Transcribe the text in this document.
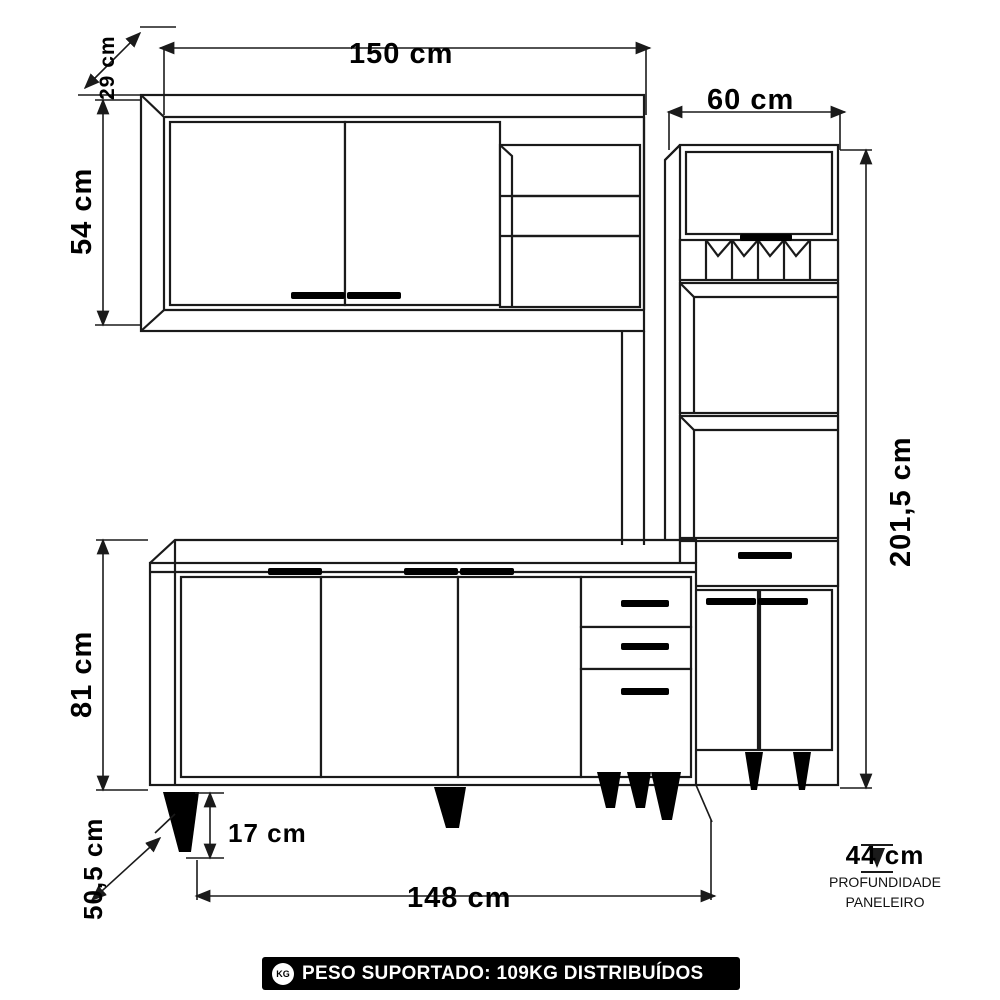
29 cm	150 cm
60 cm
54 cm
201,5 cm
81 cm
17 cm
50,5 cm	148 cm
44 cm
PROFUNDIDADE
PANELEIRO
KG PESO SUPORTADO: 109KG DISTRIBUÍDOS
